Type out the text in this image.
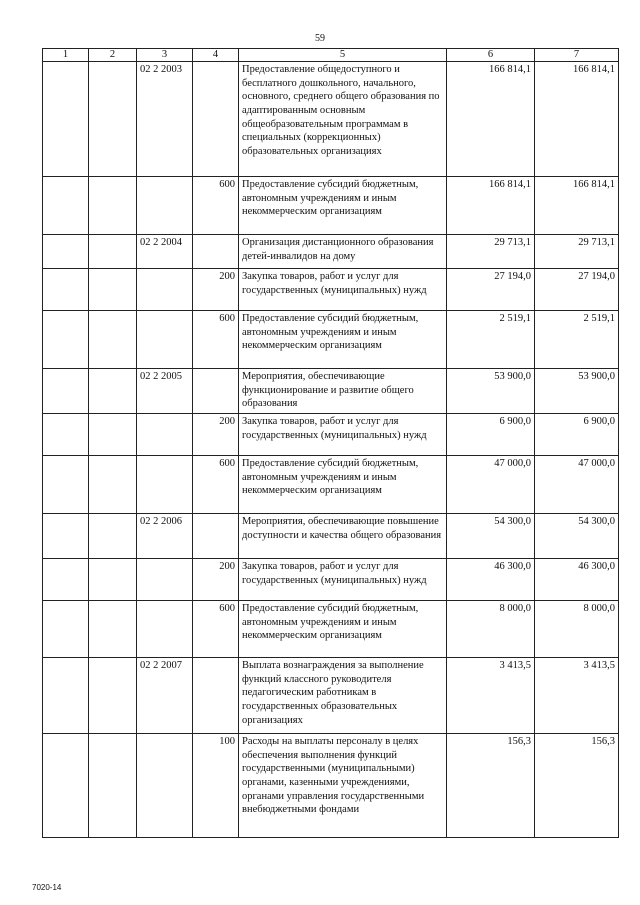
59
1	2	3	4	5	6	7
		02 2 2003		Предоставление общедоступного и бесплатного дошкольного, начального, основного, среднего общего образования по адаптированным основным общеобразовательным программам в специальных (коррекционных) образовательных организациях	166 814,1	166 814,1
			600	Предоставление субсидий бюджетным, автономным учреждениям и иным некоммерческим организациям	166 814,1	166 814,1
		02 2 2004		Организация дистанционного образования детей-инвалидов на дому	29 713,1	29 713,1
			200	Закупка товаров, работ и услуг для государственных (муниципальных) нужд	27 194,0	27 194,0
			600	Предоставление субсидий бюджетным, автономным учреждениям и иным некоммерческим организациям	2 519,1	2 519,1
		02 2 2005		Мероприятия, обеспечивающие функционирование и развитие общего образования	53 900,0	53 900,0
			200	Закупка товаров, работ и услуг для государственных (муниципальных) нужд	6 900,0	6 900,0
			600	Предоставление субсидий бюджетным, автономным учреждениям и иным некоммерческим организациям	47 000,0	47 000,0
		02 2 2006		Мероприятия, обеспечивающие повышение доступности и качества общего образования	54 300,0	54 300,0
			200	Закупка товаров, работ и услуг для государственных (муниципальных) нужд	46 300,0	46 300,0
			600	Предоставление субсидий бюджетным, автономным учреждениям и иным некоммерческим организациям	8 000,0	8 000,0
		02 2 2007		Выплата вознаграждения за выполнение функций классного руководителя педагогическим работникам в государственных образовательных организациях	3 413,5	3 413,5
			100	Расходы на выплаты персоналу в целях обеспечения выполнения функций государственными (муниципальными) органами, казенными учреждениями, органами управления государственными внебюджетными фондами	156,3	156,3
7020-14
